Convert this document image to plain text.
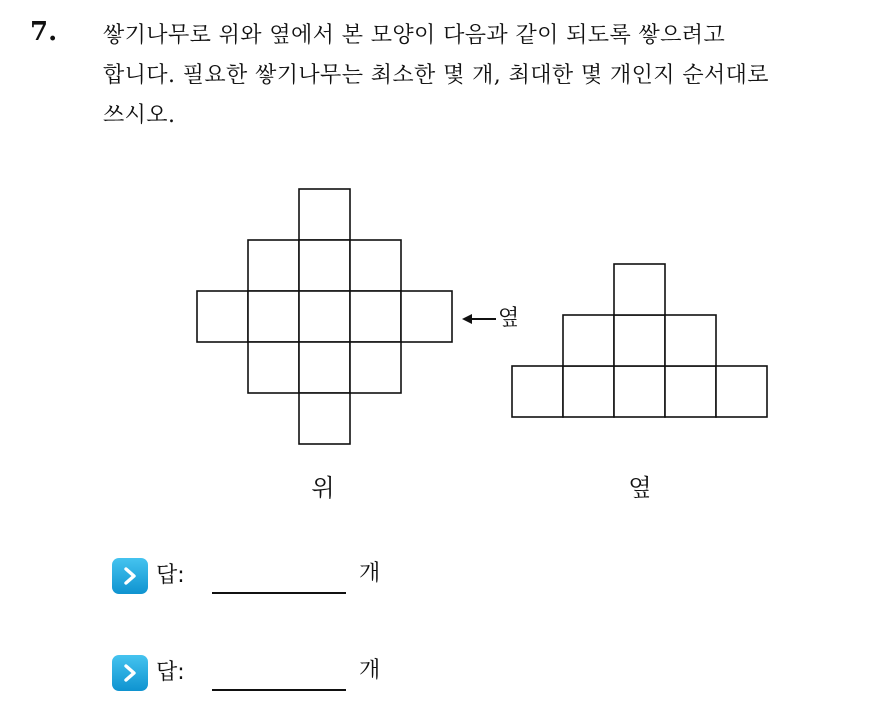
7. 쌓기나무로 위와 옆에서 본 모양이 다음과 같이 되도록 쌓으려고
합니다. 필요한 쌓기나무는 최소한 몇 개, 최대한 몇 개인지 순서대로
쓰시오.

옆
위	옆
답:	개
답:	개
